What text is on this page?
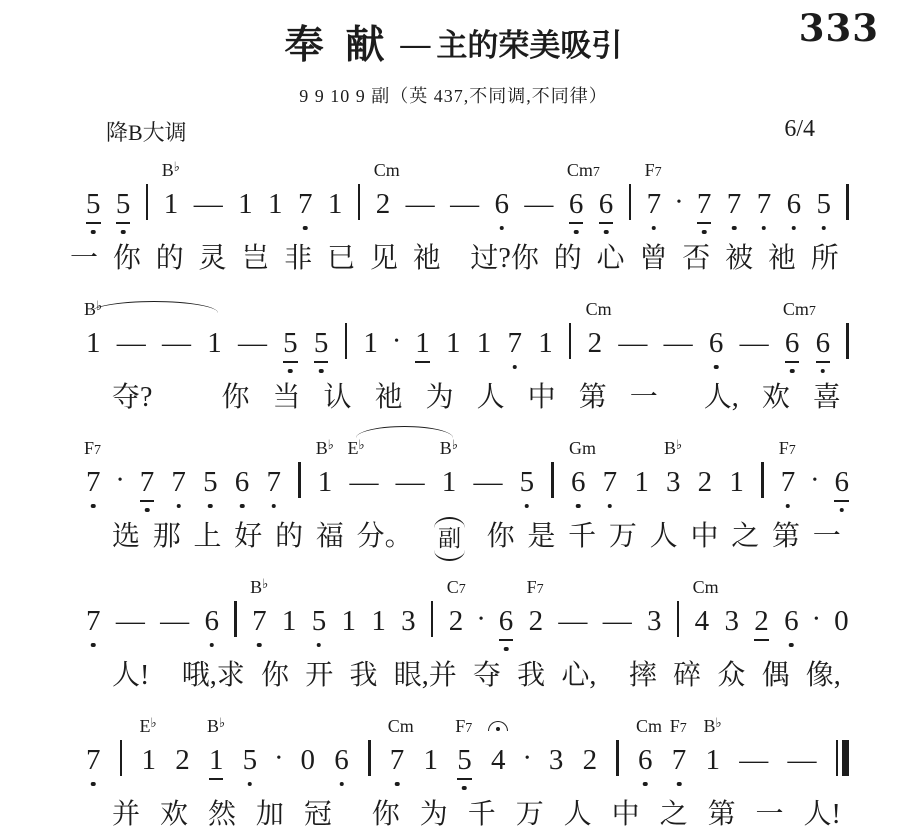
333
奉 献 — 主的荣美吸引
9 9 10 9 副（英 437,不同调,不同律）
降B大调	6/4
5 5 1
B♭
— 1 1 7 1 2
Cm
— — 6 — 6
Cm7
6 7
F7
• 7 7 7 6 5
一 你 的 灵 岂 非 已 见 祂 过?你 的 心 曾 否 被 祂 所
1
B♭
— — 1 — 5 5 1 • 1 1 1 7 1 2
Cm
— — 6 — 6
Cm7
6
夺? 你 当 认 祂 为 人 中 第 一 人, 欢 喜
7
F7
• 7 7 5 6 7 1
B♭
—
E♭
— 1
B♭
— 5 6
Gm
7 1 3
B♭
2 1 7
F7
• 6
选 那 上 好 的 福 分。 副 你 是 千 万 人 中 之 第 一
7 — — 6 7
B♭
1 5 1 1 3 2
C7
• 6 2
F7
— — 3 4
Cm
3 2 6 • 0
人! 哦,求 你 开 我 眼,并 夺 我 心, 摔 碎 众 偶 像,
7 1
E♭
2 1
B♭
5 • 0 6 7
Cm
1 5
F7
4 • 3 2 6
Cm
7
F7
1
B♭
— —
并 欢 然 加 冠 你 为 千 万 人 中 之 第 一 人!
